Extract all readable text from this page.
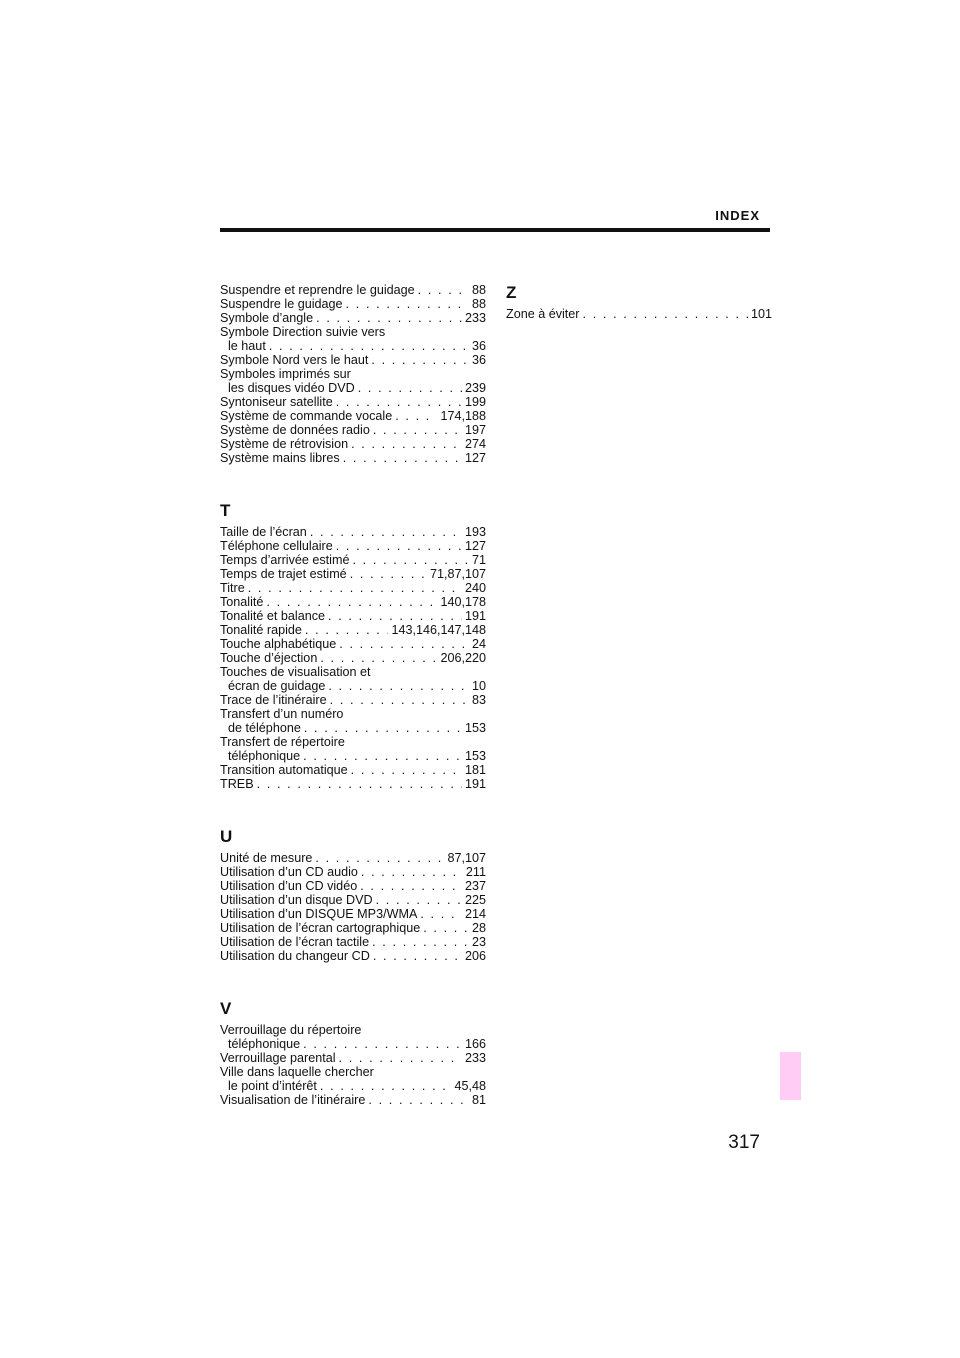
INDEX
Suspendre et reprendre le guidage . . .	88
Suspendre le guidage . . .	88
Symbole d’angle . . .	233
Symbole Direction suivie vers
le haut . . .	36
Symbole Nord vers le haut . . .	36
Symboles imprimés sur
les disques vidéo DVD . . .	239
Syntoniseur satellite . . .	199
Système de commande vocale . . .	174,188
Système de données radio . . .	197
Système de rétrovision . . .	274
Système mains libres . . .	127
T
Taille de l’écran . . .	193
Téléphone cellulaire . . .	127
Temps d’arrivée estimé . . .	71
Temps de trajet estimé . . .	71,87,107
Titre . . .	240
Tonalité . . .	140,178
Tonalité et balance . . .	191
Tonalité rapide . . .	143,146,147,148
Touche alphabétique . . .	24
Touche d’éjection . . .	206,220
Touches de visualisation et
écran de guidage . . .	10
Trace de l’itinéraire . . .	83
Transfert d’un numéro
de téléphone . . .	153
Transfert de répertoire
téléphonique . . .	153
Transition automatique . . .	181
TREB . . .	191
U
Unité de mesure . . .	87,107
Utilisation d’un CD audio . . .	211
Utilisation d’un CD vidéo . . .	237
Utilisation d’un disque DVD . . .	225
Utilisation d’un DISQUE MP3/WMA . . .	214
Utilisation de l’écran cartographique . . .	28
Utilisation de l’écran tactile . . .	23
Utilisation du changeur CD . . .	206
V
Verrouillage du répertoire
téléphonique . . .	166
Verrouillage parental . . .	233
Ville dans laquelle chercher
le point d’intérêt . . .	45,48
Visualisation de l’itinéraire . . .	81
Z
Zone à éviter . . .	101
317
